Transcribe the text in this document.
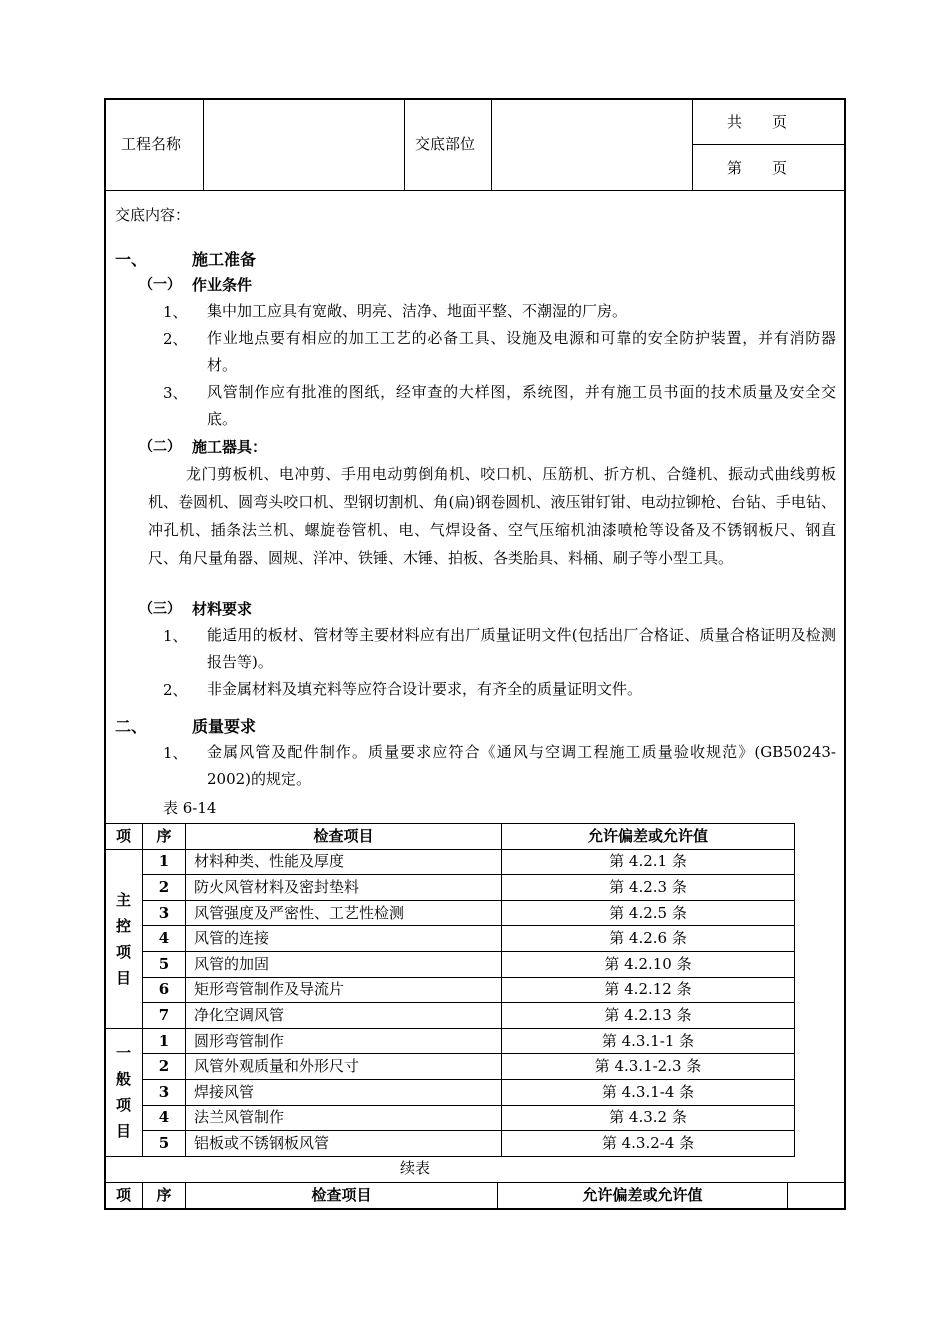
工程名称	交底部位
共　　页
第　　页
交底内容：
一、	施工准备
（一） 作业条件
1、 集中加工应具有宽敞、明亮、洁净、地面平整、不潮湿的厂房。
2、 作业地点要有相应的加工工艺的必备工具、设施及电源和可靠的安全防护装置，并有消防器材。
3、 风管制作应有批准的图纸，经审查的大样图，系统图，并有施工员书面的技术质量及安全交底。
（二） 施工器具：
龙门剪板机、电冲剪、手用电动剪倒角机、咬口机、压筋机、折方机、合缝机、振动式曲线剪板机、卷圆机、圆弯头咬口机、型钢切割机、角(扁)钢卷圆机、液压钳钉钳、电动拉铆枪、台钻、手电钻、冲孔机、插条法兰机、螺旋卷管机、电、气焊设备、空气压缩机油漆喷枪等设备及不锈钢板尺、钢直尺、角尺量角器、圆规、洋冲、铁锤、木锤、拍板、各类胎具、料桶、刷子等小型工具。
（三） 材料要求
1、 能适用的板材、管材等主要材料应有出厂质量证明文件(包括出厂合格证、质量合格证明及检测报告等)。
2、 非金属材料及填充料等应符合设计要求，有齐全的质量证明文件。
二、	质量要求
1、 金属风管及配件制作。质量要求应符合《通风与空调工程施工质量验收规范》(GB50243-2002)的规定。
表 6-14
项	序	检查项目	允许偏差或允许值
主控项目	1	材料种类、性能及厚度	第 4.2.1 条
	2	防火风管材料及密封垫料	第 4.2.3 条
	3	风管强度及严密性、工艺性检测	第 4.2.5 条
	4	风管的连接	第 4.2.6 条
	5	风管的加固	第 4.2.10 条
	6	矩形弯管制作及导流片	第 4.2.12 条
	7	净化空调风管	第 4.2.13 条
一般项目	1	圆形弯管制作	第 4.3.1-1 条
	2	风管外观质量和外形尺寸	第 4.3.1-2.3 条
	3	焊接风管	第 4.3.1-4 条
	4	法兰风管制作	第 4.3.2 条
	5	铝板或不锈钢板风管	第 4.3.2-4 条
续表
项	序	检查项目	允许偏差或允许值
